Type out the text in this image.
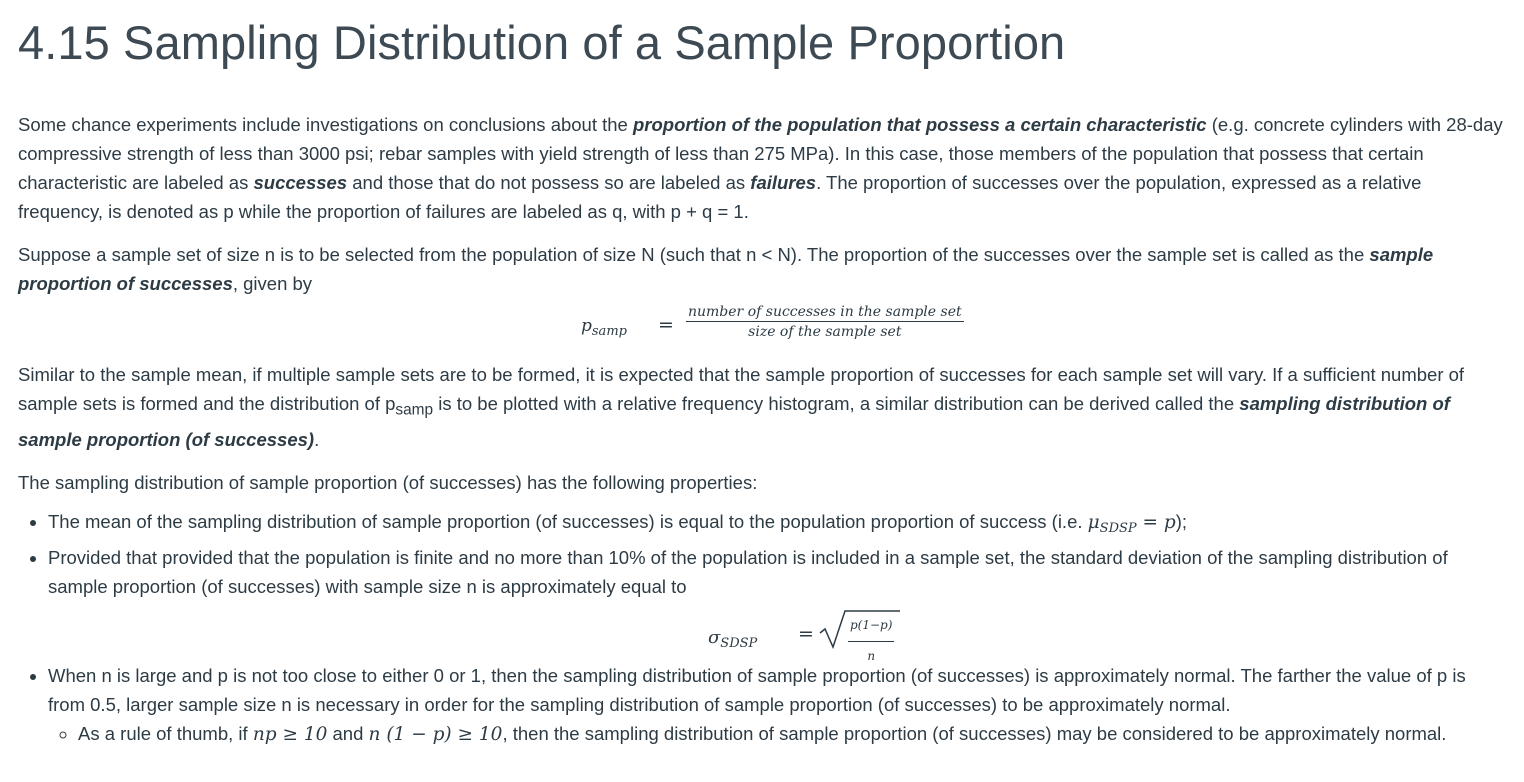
4.15 Sampling Distribution of a Sample Proportion

Some chance experiments include investigations on conclusions about the proportion of the population that possess a certain characteristic (e.g. concrete cylinders with 28-day compressive strength of less than 3000 psi; rebar samples with yield strength of less than 275 MPa). In this case, those members of the population that possess that certain characteristic are labeled as successes and those that do not possess so are labeled as failures. The proportion of successes over the population, expressed as a relative frequency, is denoted as p while the proportion of failures are labeled as q, with p + q = 1.

Suppose a sample set of size n is to be selected from the population of size N (such that n < N). The proportion of the successes over the sample set is called as the sample proportion of successes, given by

$p_{samp}$ =
number of successes in the sample set
size of the sample set

Similar to the sample mean, if multiple sample sets are to be formed, it is expected that the sample proportion of successes for each sample set will vary. If a sufficient number of sample sets is formed and the distribution of $p_{samp}$ is to be plotted with a relative frequency histogram, a similar distribution can be derived called the sampling distribution of sample proportion (of successes).

The sampling distribution of sample proportion (of successes) has the following properties:

• The mean of the sampling distribution of sample proportion (of successes) is equal to the population proportion of success (i.e. $\mu_{SDSP} = p$);
• Provided that provided that the population is finite and no more than 10% of the population is included in a sample set, the standard deviation of the sampling distribution of sample proportion (of successes) with sample size n is approximately equal to
$\sigma_{SDSP}$ =	$\frac{p(1-p)}{n}$
• When n is large and p is not too close to either 0 or 1, then the sampling distribution of sample proportion (of successes) is approximately normal. The farther the value of p is from 0.5, larger sample size n is necessary in order for the sampling distribution of sample proportion (of successes) to be approximately normal.
◦ As a rule of thumb, if np ≥ 10 and n (1 − p) ≥ 10, then the sampling distribution of sample proportion (of successes) may be considered to be approximately normal.
